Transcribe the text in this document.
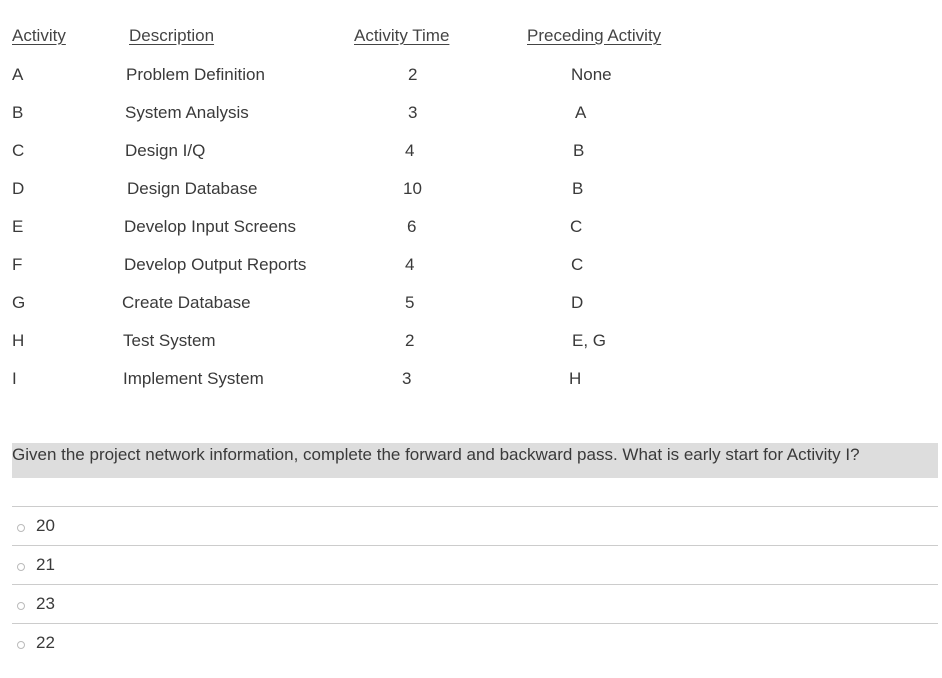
Activity	Description	Activity Time	Preceding Activity
A	Problem Definition	2	None
B	System Analysis	3	A
C	Design I/Q	4	B
D	Design Database	10	B
E	Develop Input Screens	6	C
F	Develop Output Reports	4	C
G	Create Database	5	D
H	Test System	2	E, G
I	Implement System	3	H
Given the project network information, complete the forward and backward pass. What is early start for Activity I?
20
21
23
22
